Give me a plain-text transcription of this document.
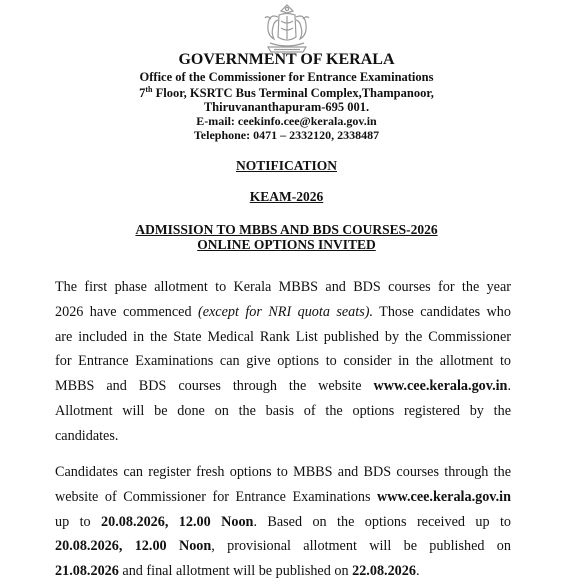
GOVERNMENT OF KERALA
Office of the Commissioner for Entrance Examinations
7th Floor, KSRTC Bus Terminal Complex,Thampanoor,
Thiruvananthapuram-695 001.
E-mail: ceekinfo.cee@kerala.gov.in
Telephone: 0471 – 2332120, 2338487
NOTIFICATION
KEAM-2026
ADMISSION TO MBBS AND BDS COURSES-2026
ONLINE OPTIONS INVITED
The first phase allotment to Kerala MBBS and BDS courses for the year
2026 have commenced (except for NRI quota seats). Those candidates who
are included in the State Medical Rank List published by the Commissioner
for Entrance Examinations can give options to consider in the allotment to
MBBS and BDS courses through the website www.cee.kerala.gov.in.
Allotment will be done on the basis of the options registered by the
candidates.
Candidates can register fresh options to MBBS and BDS courses through the
website of Commissioner for Entrance Examinations www.cee.kerala.gov.in
up to 20.08.2026, 12.00 Noon. Based on the options received up to
20.08.2026, 12.00 Noon, provisional allotment will be published on
21.08.2026 and final allotment will be published on 22.08.2026.
